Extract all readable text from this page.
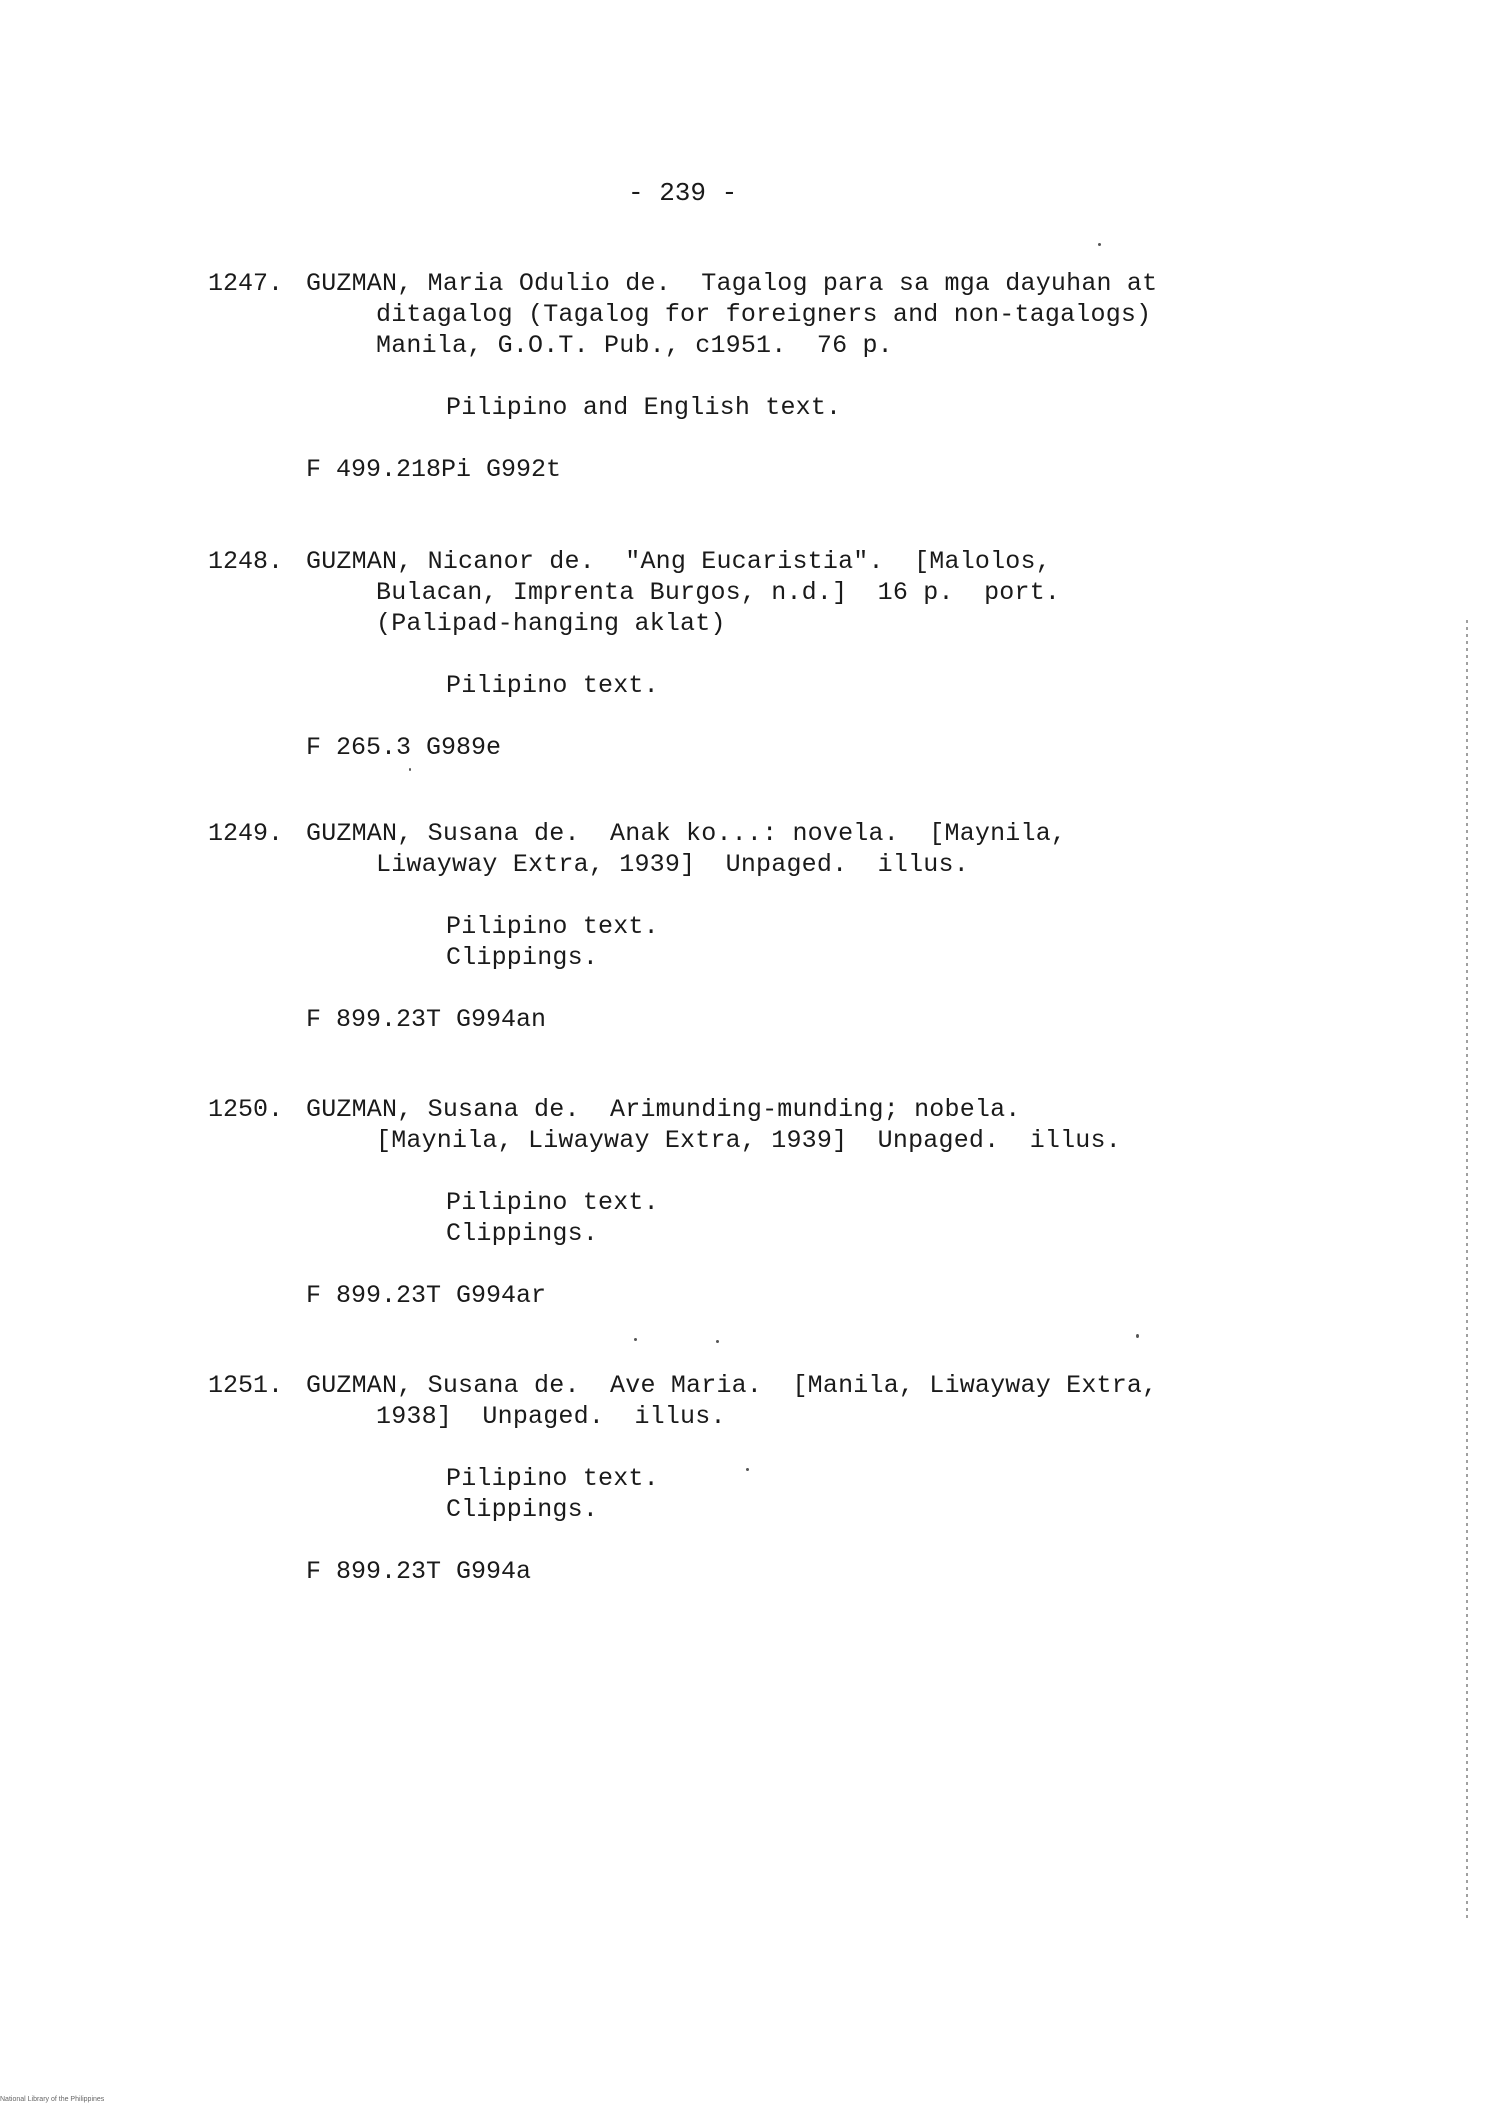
- 239 -
1247. GUZMAN, Maria Odulio de.  Tagalog para sa mga dayuhan at
ditagalog (Tagalog for foreigners and non-tagalogs)
Manila, G.O.T. Pub., c1951.  76 p.
Pilipino and English text.
F 499.218Pi G992t
1248. GUZMAN, Nicanor de.  "Ang Eucaristia".  [Malolos,
Bulacan, Imprenta Burgos, n.d.]  16 p.  port.
(Palipad-hanging aklat)
Pilipino text.
F 265.3 G989e
1249. GUZMAN, Susana de.  Anak ko...: novela.  [Maynila,
Liwayway Extra, 1939]  Unpaged.  illus.
Pilipino text.
Clippings.
F 899.23T G994an
1250. GUZMAN, Susana de.  Arimunding-munding; nobela.
[Maynila, Liwayway Extra, 1939]  Unpaged.  illus.
Pilipino text.
Clippings.
F 899.23T G994ar
1251. GUZMAN, Susana de.  Ave Maria.  [Manila, Liwayway Extra,
1938]  Unpaged.  illus.
Pilipino text.
Clippings.
F 899.23T G994a
National Library of the Philippines
